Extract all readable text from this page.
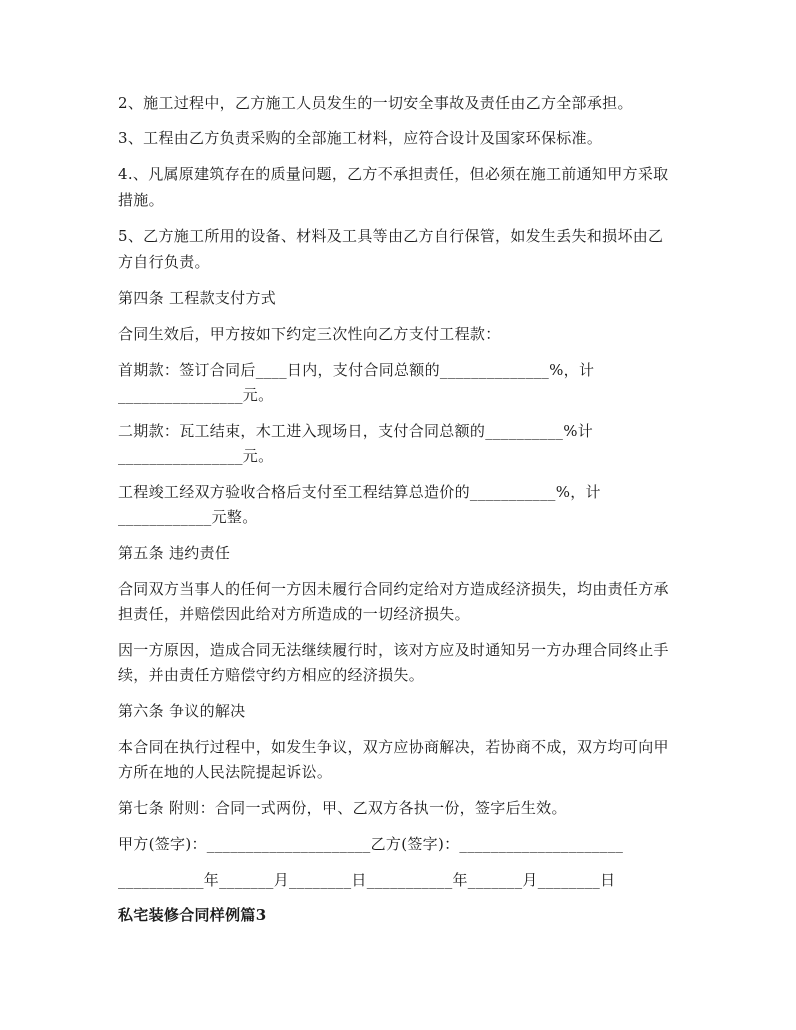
2、施工过程中，乙方施工人员发生的一切安全事故及责任由乙方全部承担。
3、工程由乙方负责采购的全部施工材料，应符合设计及国家环保标准。
4.、凡属原建筑存在的质量问题，乙方不承担责任，但必须在施工前通知甲方采取
措施。
5、乙方施工所用的设备、材料及工具等由乙方自行保管，如发生丢失和损坏由乙
方自行负责。
第四条 工程款支付方式
合同生效后，甲方按如下约定三次性向乙方支付工程款：
首期款：签订合同后____日内，支付合同总额的______________%，计
________________元。
二期款：瓦工结束，木工进入现场日，支付合同总额的__________%计
________________元。
工程竣工经双方验收合格后支付至工程结算总造价的___________%，计
____________元整。
第五条 违约责任
合同双方当事人的任何一方因未履行合同约定给对方造成经济损失，均由责任方承
担责任，并赔偿因此给对方所造成的一切经济损失。
因一方原因，造成合同无法继续履行时，该对方应及时通知另一方办理合同终止手
续，并由责任方赔偿守约方相应的经济损失。
第六条 争议的解决
本合同在执行过程中，如发生争议，双方应协商解决，若协商不成，双方均可向甲
方所在地的人民法院提起诉讼。
第七条 附则：合同一式两份，甲、乙双方各执一份，签字后生效。
甲方(签字)：_____________________乙方(签字)：_____________________
___________年_______月________日___________年_______月________日
私宅装修合同样例篇3
